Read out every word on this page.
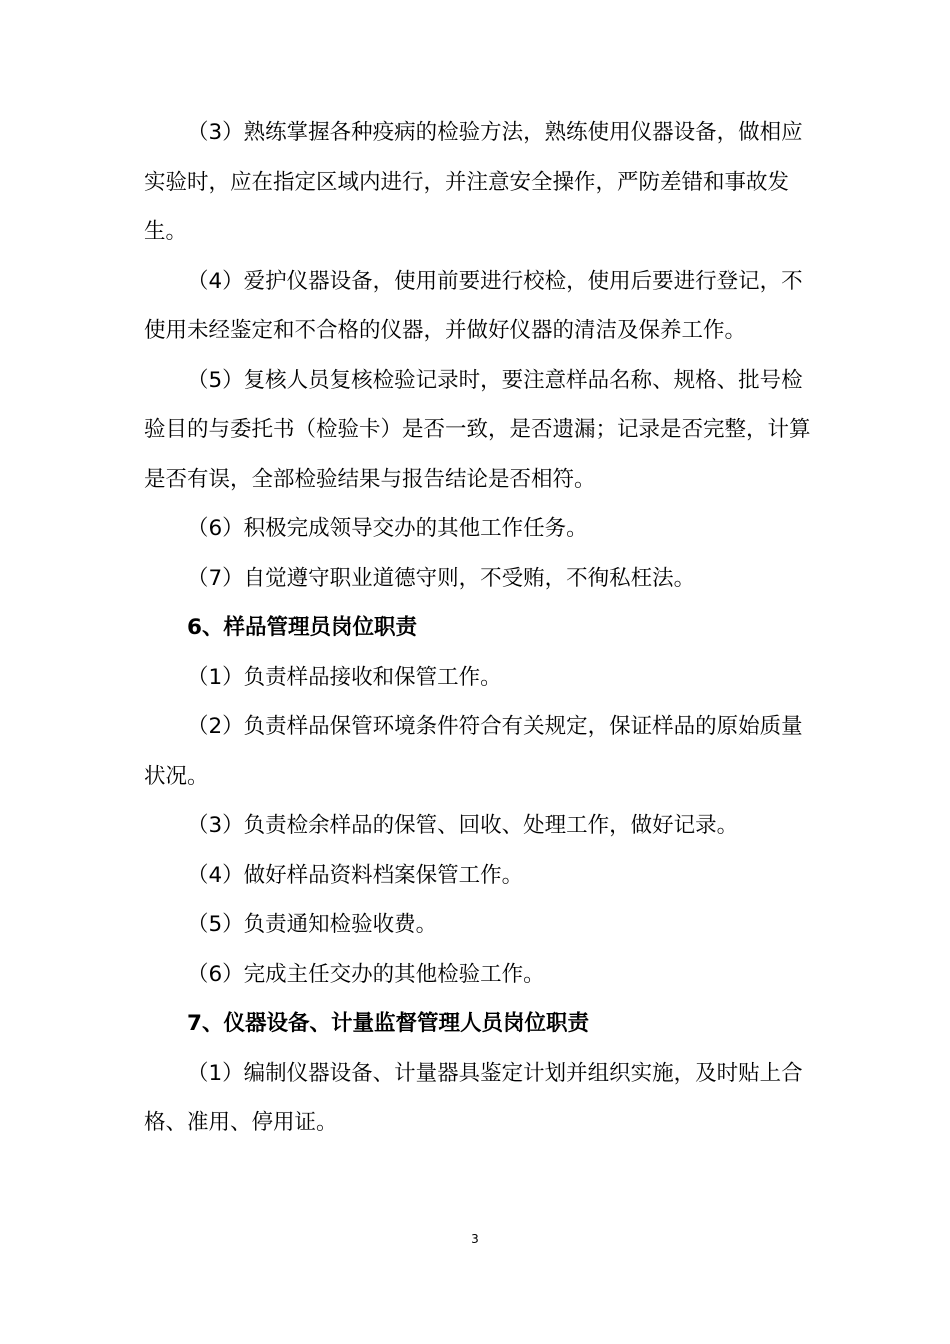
（3）熟练掌握各种疫病的检验方法，熟练使用仪器设备，做相应实验时，应在指定区域内进行，并注意安全操作，严防差错和事故发生。

（4）爱护仪器设备，使用前要进行校检，使用后要进行登记，不使用未经鉴定和不合格的仪器，并做好仪器的清洁及保养工作。

（5）复核人员复核检验记录时，要注意样品名称、规格、批号检验目的与委托书（检验卡）是否一致，是否遗漏；记录是否完整，计算是否有误，全部检验结果与报告结论是否相符。

（6）积极完成领导交办的其他工作任务。

（7）自觉遵守职业道德守则，不受贿，不徇私枉法。

6、样品管理员岗位职责

（1）负责样品接收和保管工作。

（2）负责样品保管环境条件符合有关规定，保证样品的原始质量状况。

（3）负责检余样品的保管、回收、处理工作，做好记录。

（4）做好样品资料档案保管工作。

（5）负责通知检验收费。

（6）完成主任交办的其他检验工作。

7、仪器设备、计量监督管理人员岗位职责

（1）编制仪器设备、计量器具鉴定计划并组织实施，及时贴上合格、准用、停用证。

3
